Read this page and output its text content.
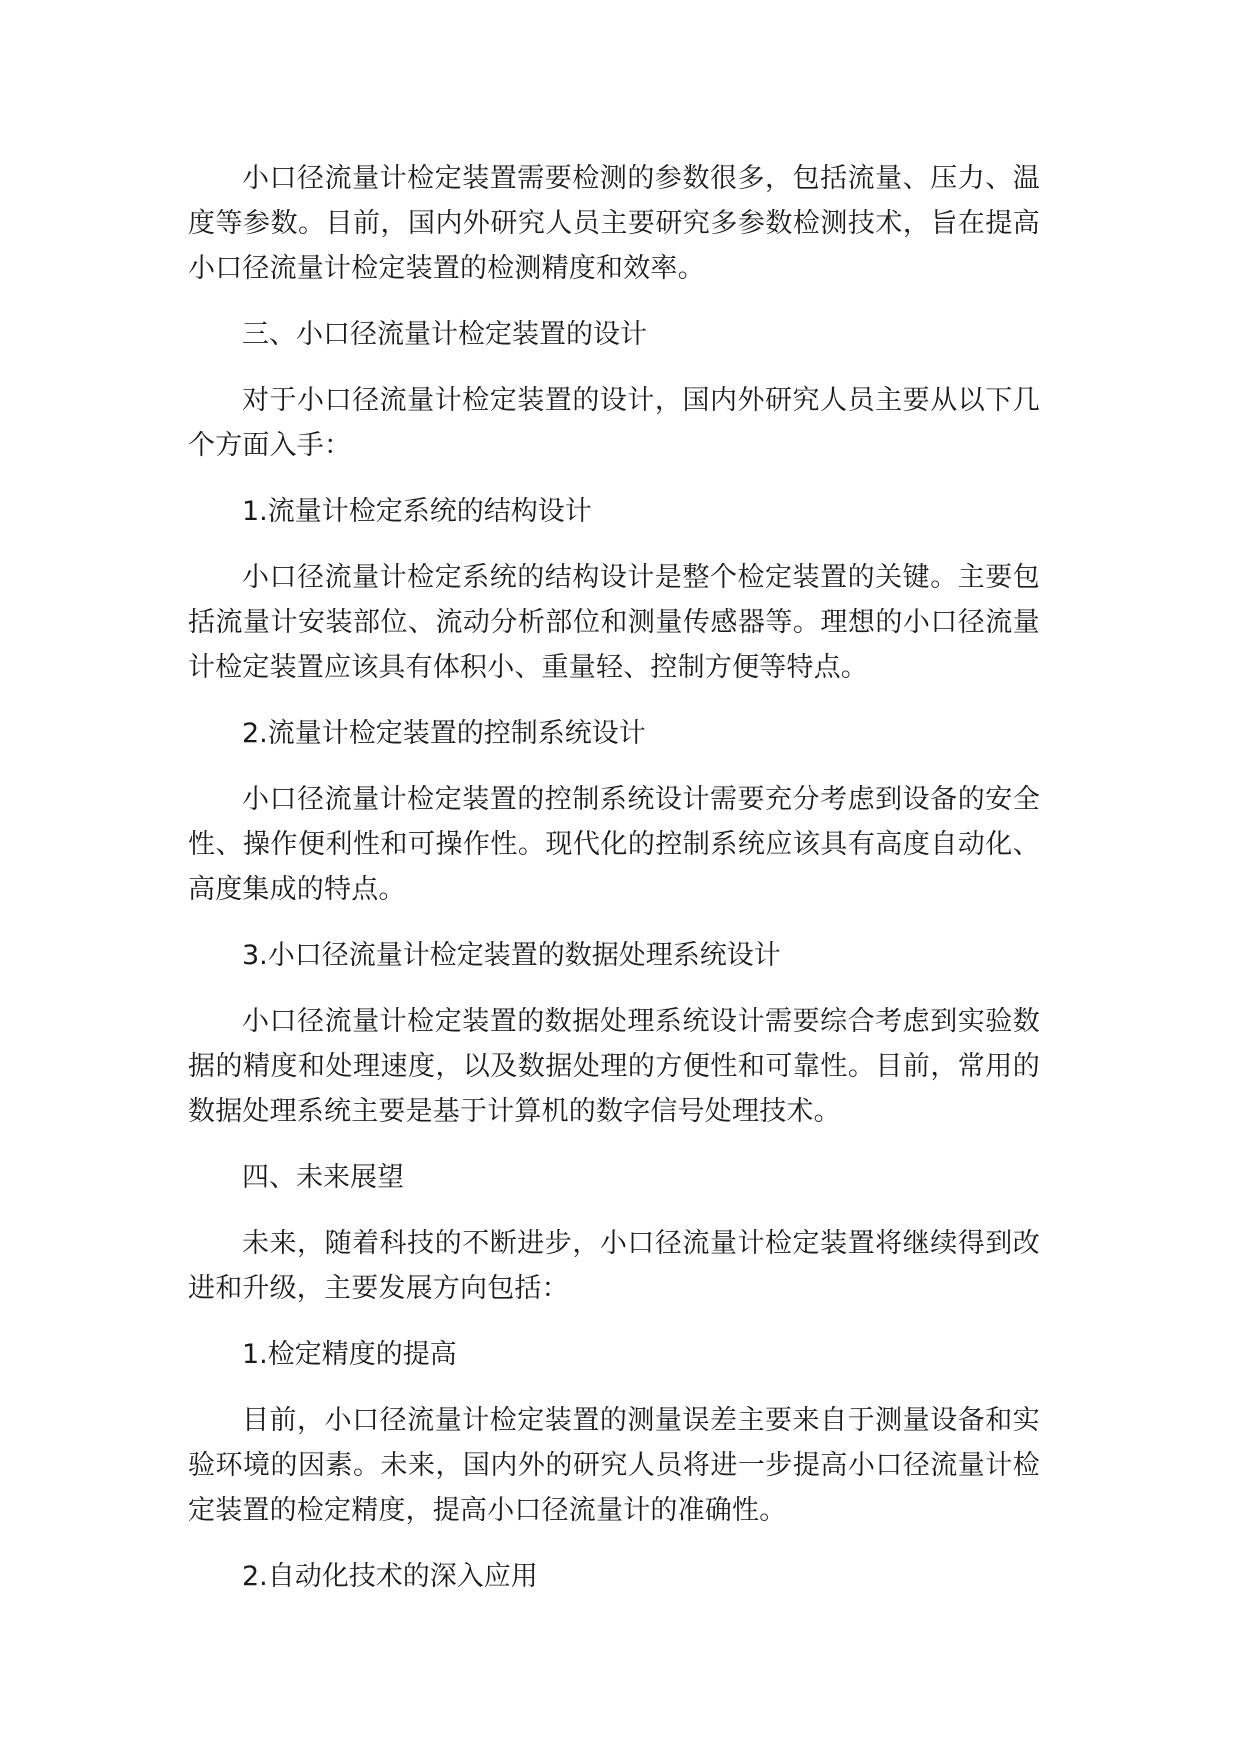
小口径流量计检定装置需要检测的参数很多，包括流量、压力、温度等参数。目前，国内外研究人员主要研究多参数检测技术，旨在提高小口径流量计检定装置的检测精度和效率。

三、小口径流量计检定装置的设计

对于小口径流量计检定装置的设计，国内外研究人员主要从以下几个方面入手：

1.流量计检定系统的结构设计

小口径流量计检定系统的结构设计是整个检定装置的关键。主要包括流量计安装部位、流动分析部位和测量传感器等。理想的小口径流量计检定装置应该具有体积小、重量轻、控制方便等特点。

2.流量计检定装置的控制系统设计

小口径流量计检定装置的控制系统设计需要充分考虑到设备的安全性、操作便利性和可操作性。现代化的控制系统应该具有高度自动化、高度集成的特点。

3.小口径流量计检定装置的数据处理系统设计

小口径流量计检定装置的数据处理系统设计需要综合考虑到实验数据的精度和处理速度，以及数据处理的方便性和可靠性。目前，常用的数据处理系统主要是基于计算机的数字信号处理技术。

四、未来展望

未来，随着科技的不断进步，小口径流量计检定装置将继续得到改进和升级，主要发展方向包括：

1.检定精度的提高

目前，小口径流量计检定装置的测量误差主要来自于测量设备和实验环境的因素。未来，国内外的研究人员将进一步提高小口径流量计检定装置的检定精度，提高小口径流量计的准确性。

2.自动化技术的深入应用
